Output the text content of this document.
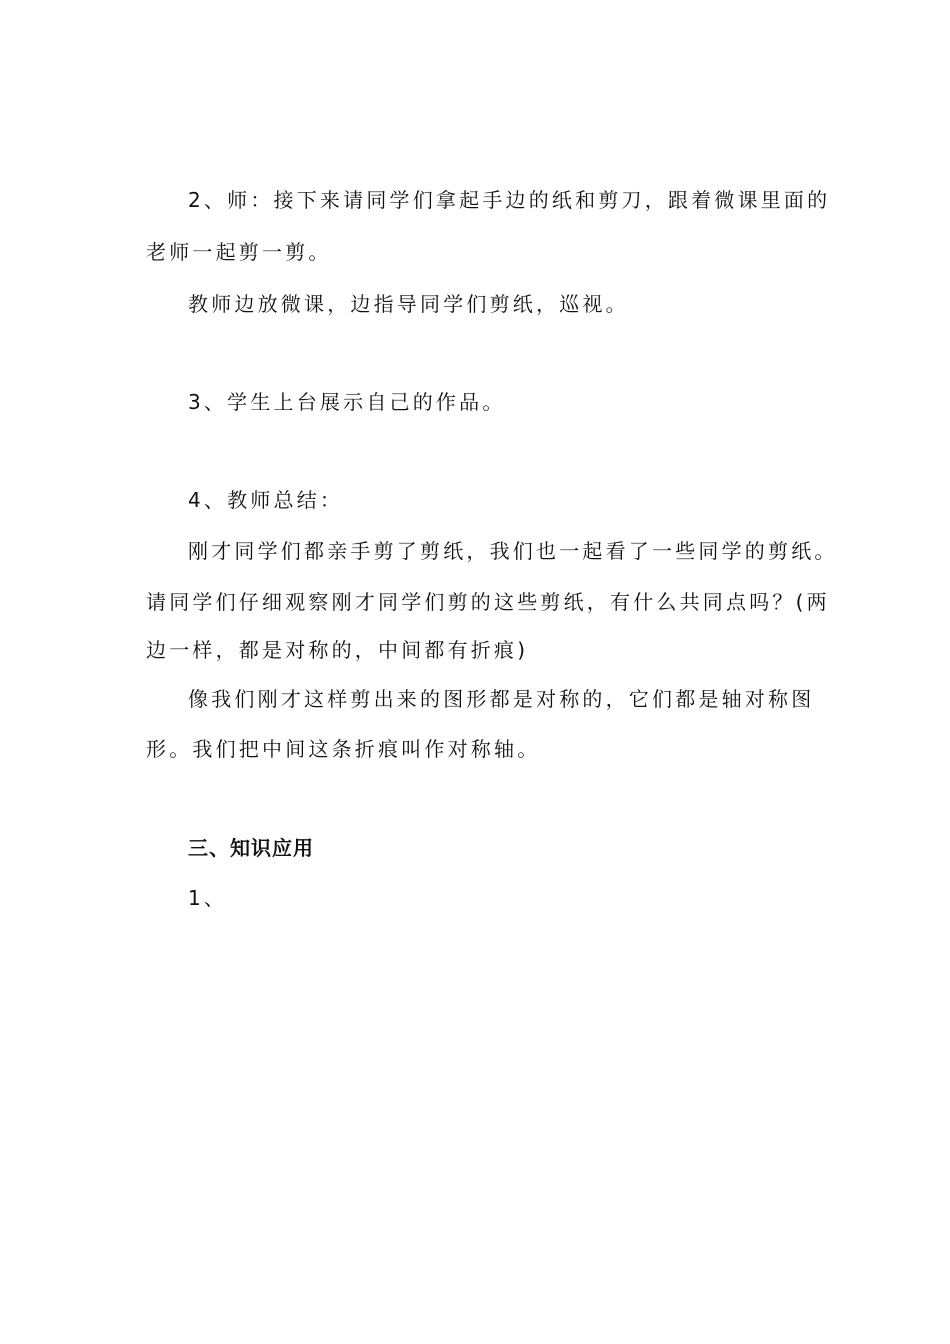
2、师：接下来请同学们拿起手边的纸和剪刀，跟着微课里面的
老师一起剪一剪。
教师边放微课，边指导同学们剪纸，巡视。
3、学生上台展示自己的作品。
4、教师总结：
刚才同学们都亲手剪了剪纸，我们也一起看了一些同学的剪纸。
请同学们仔细观察刚才同学们剪的这些剪纸，有什么共同点吗？(两
边一样，都是对称的，中间都有折痕)
像我们刚才这样剪出来的图形都是对称的，它们都是轴对称图
形。我们把中间这条折痕叫作对称轴。
三、知识应用
1、
